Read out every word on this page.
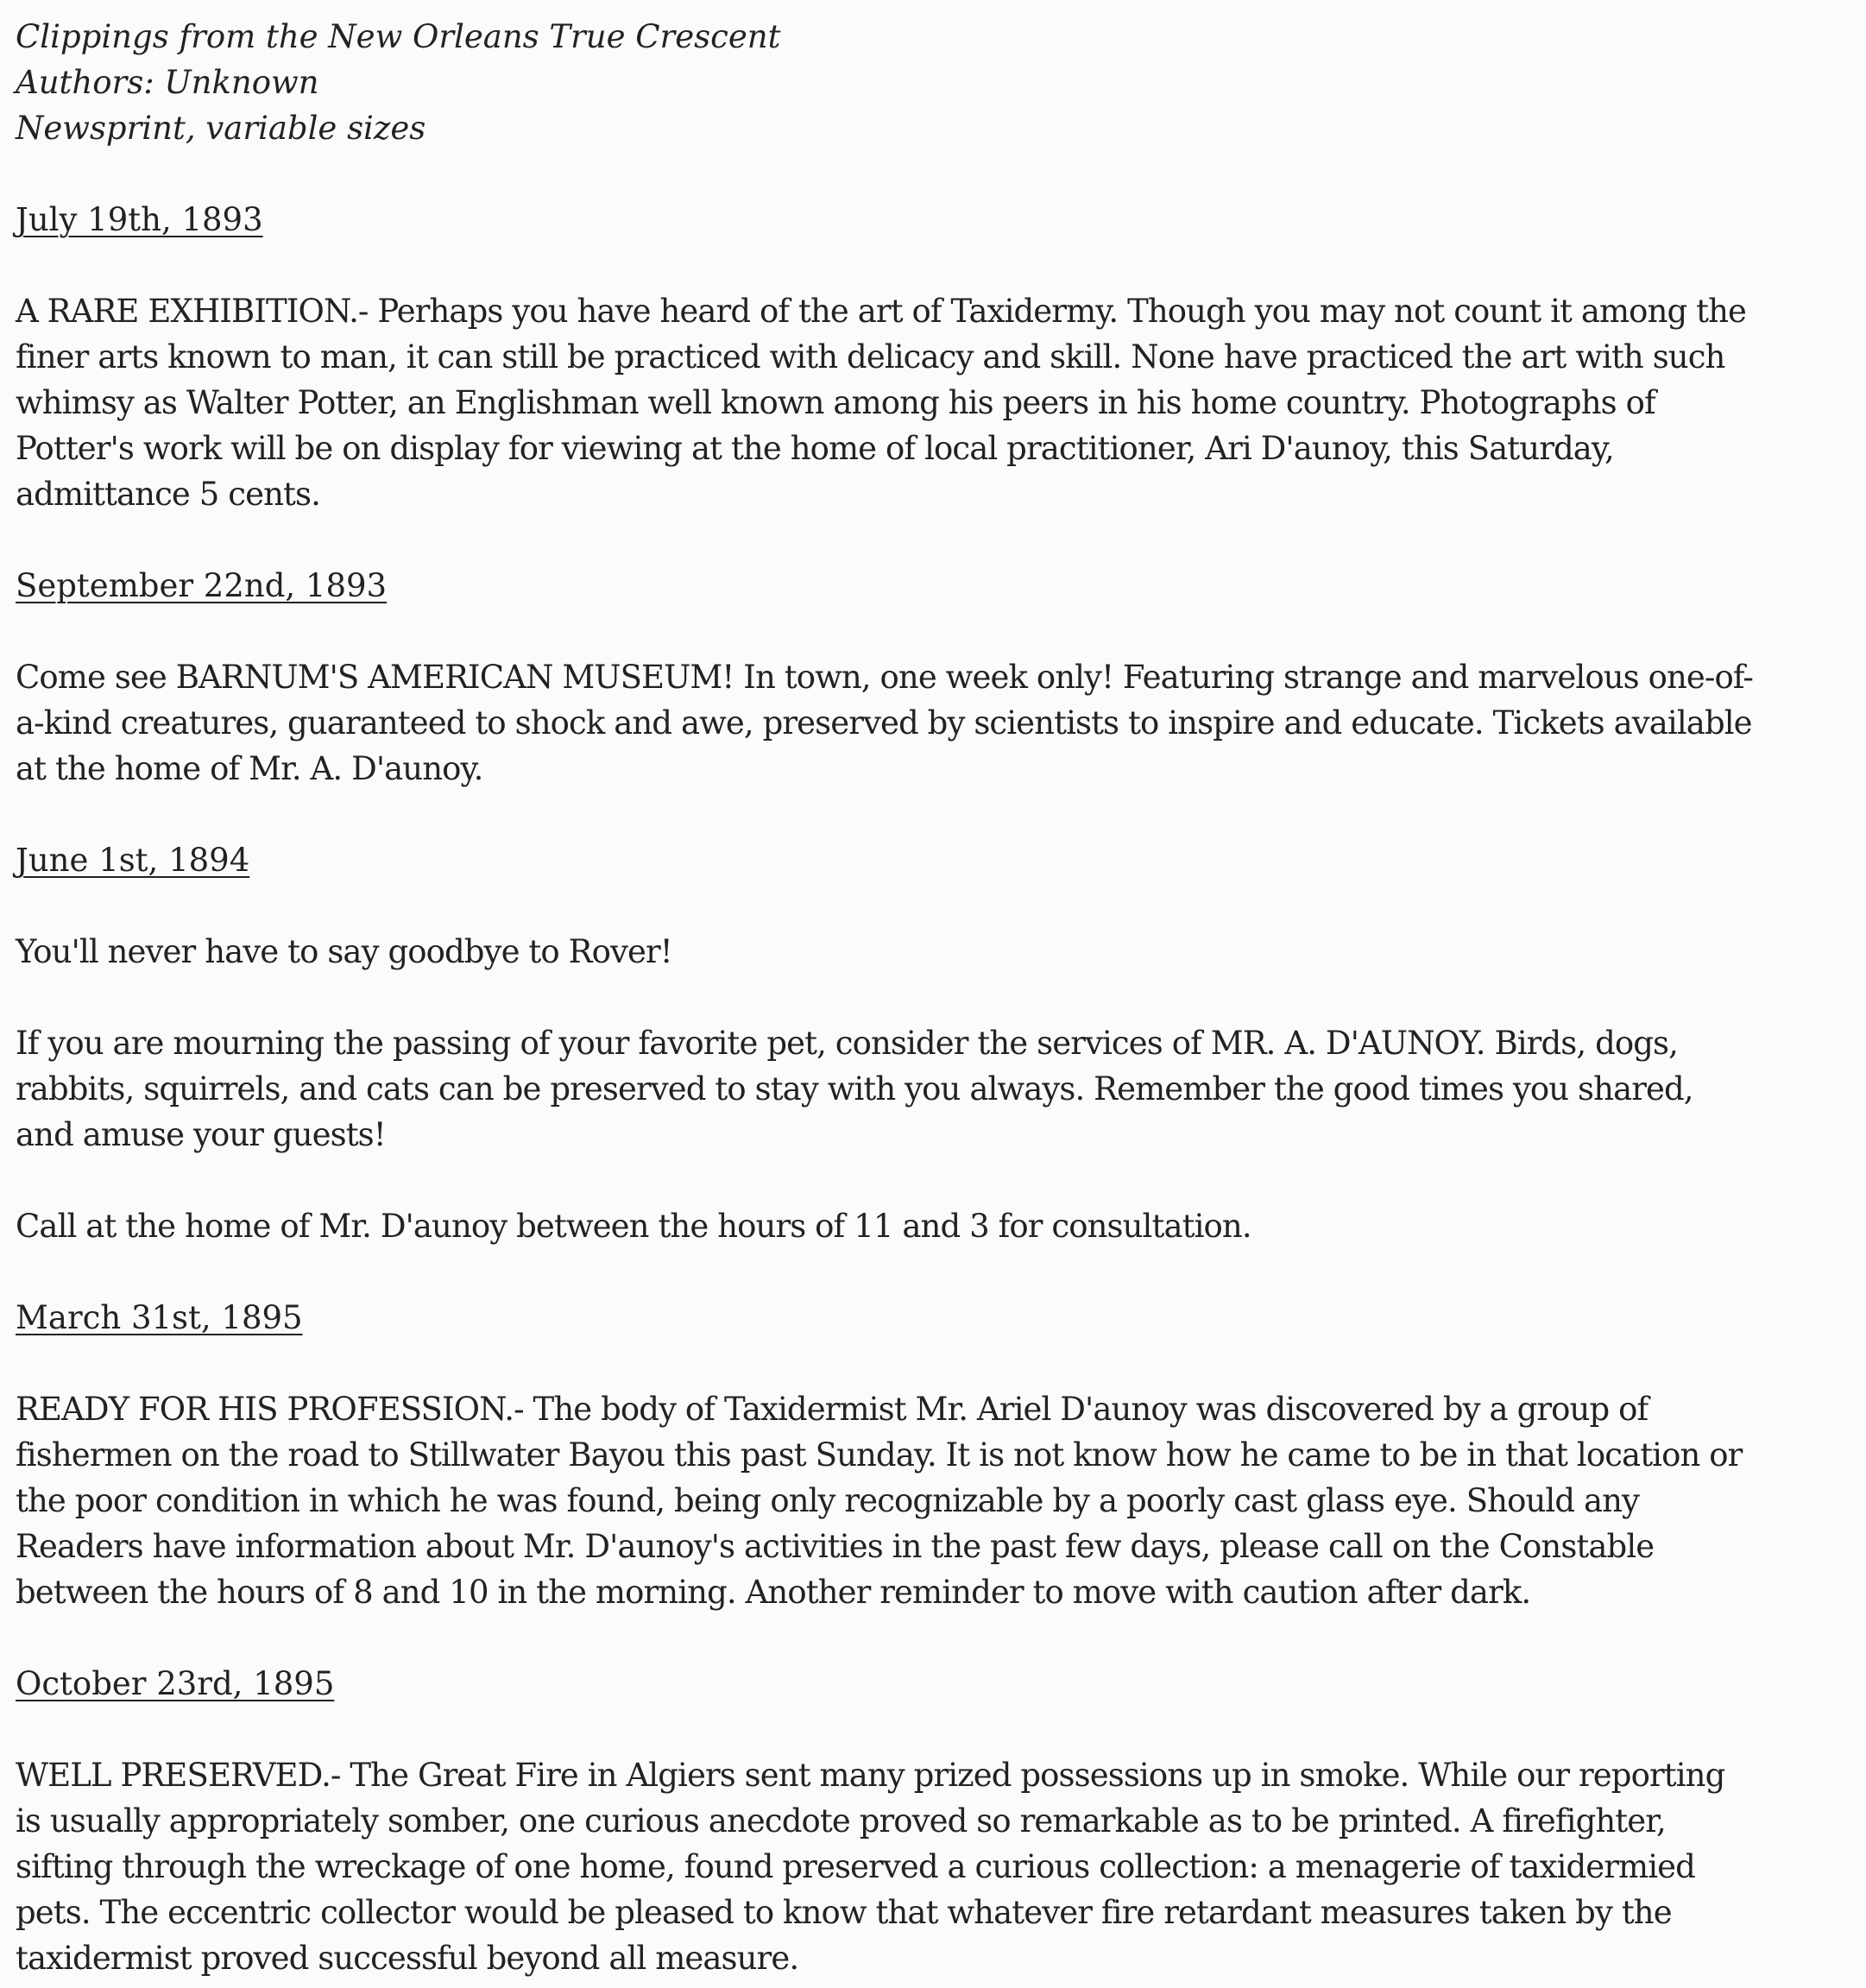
Clippings from the New Orleans True Crescent

Authors: Unknown

Newsprint, variable sizes

July 19th, 1893

A RARE EXHIBITION.- Perhaps you have heard of the art of Taxidermy. Though you may not count it among the finer arts known to man, it can still be practiced with delicacy and skill. None have practiced the art with such whimsy as Walter Potter, an Englishman well known among his peers in his home country. Photographs of Potter's work will be on display for viewing at the home of local practitioner, Ari D'aunoy, this Saturday, admittance 5 cents.

September 22nd, 1893

Come see BARNUM'S AMERICAN MUSEUM! In town, one week only! Featuring strange and marvelous one-of-a-kind creatures, guaranteed to shock and awe, preserved by scientists to inspire and educate. Tickets available at the home of Mr. A. D'aunoy.

June 1st, 1894

You'll never have to say goodbye to Rover!

If you are mourning the passing of your favorite pet, consider the services of MR. A. D'AUNOY. Birds, dogs, rabbits, squirrels, and cats can be preserved to stay with you always. Remember the good times you shared, and amuse your guests!

Call at the home of Mr. D'aunoy between the hours of 11 and 3 for consultation.

March 31st, 1895

READY FOR HIS PROFESSION.- The body of Taxidermist Mr. Ariel D'aunoy was discovered by a group of fishermen on the road to Stillwater Bayou this past Sunday. It is not know how he came to be in that location or the poor condition in which he was found, being only recognizable by a poorly cast glass eye. Should any Readers have information about Mr. D'aunoy's activities in the past few days, please call on the Constable between the hours of 8 and 10 in the morning. Another reminder to move with caution after dark.

October 23rd, 1895

WELL PRESERVED.- The Great Fire in Algiers sent many prized possessions up in smoke. While our reporting is usually appropriately somber, one curious anecdote proved so remarkable as to be printed. A firefighter, sifting through the wreckage of one home, found preserved a curious collection: a menagerie of taxidermied pets. The eccentric collector would be pleased to know that whatever fire retardant measures taken by the taxidermist proved successful beyond all measure.
